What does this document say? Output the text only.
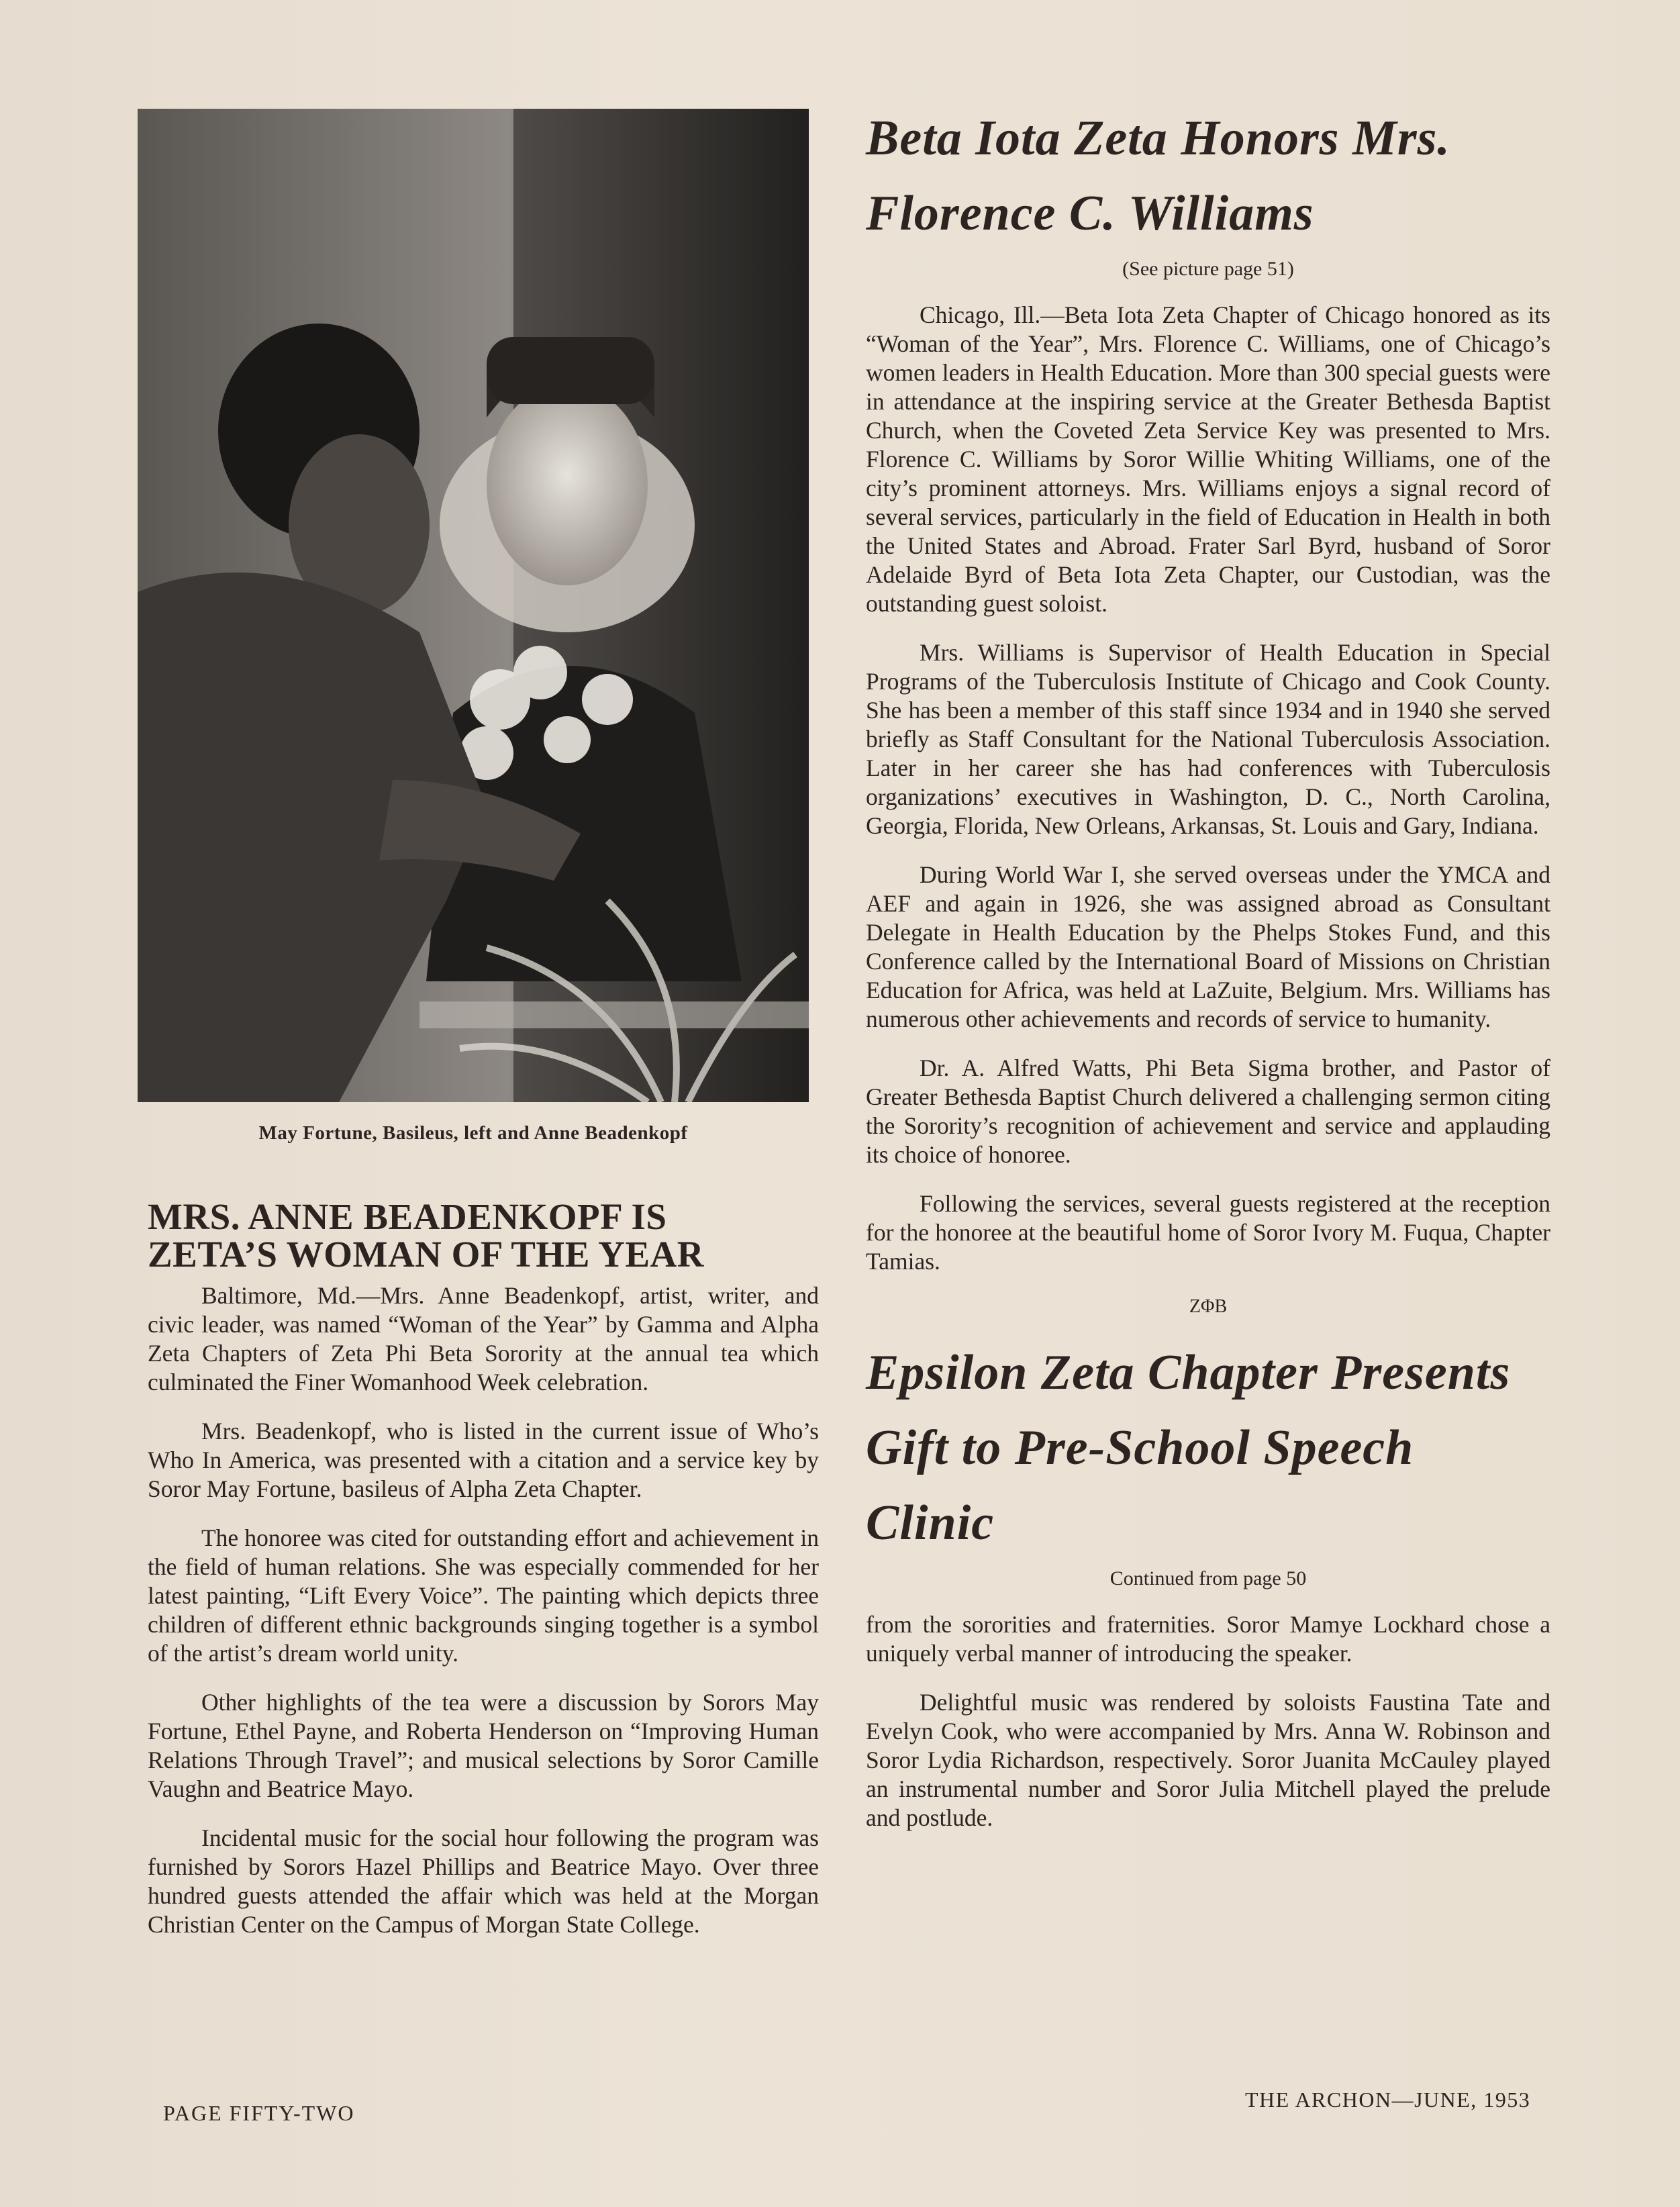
May Fortune, Basileus, left and Anne Beadenkopf
MRS. ANNE BEADENKOPF IS
ZETA’S WOMAN OF THE YEAR

Baltimore, Md.—Mrs. Anne Beadenkopf, artist, writer, and civic leader, was named “Woman of the Year” by Gamma and Alpha Zeta Chapters of Zeta Phi Beta Sorority at the annual tea which culminated the Finer Womanhood Week celebration.

Mrs. Beadenkopf, who is listed in the current issue of Who’s Who In America, was presented with a citation and a service key by Soror May Fortune, basileus of Alpha Zeta Chapter.

The honoree was cited for outstanding effort and achievement in the field of human relations. She was especially commended for her latest painting, “Lift Every Voice”. The painting which depicts three children of different ethnic backgrounds singing together is a symbol of the artist’s dream world unity.

Other highlights of the tea were a discussion by Sorors May Fortune, Ethel Payne, and Roberta Henderson on “Improving Human Relations Through Travel”; and musical selections by Soror Camille Vaughn and Beatrice Mayo.

Incidental music for the social hour following the program was furnished by Sorors Hazel Phillips and Beatrice Mayo. Over three hundred guests attended the affair which was held at the Morgan Christian Center on the Campus of Morgan State College.

Beta Iota Zeta Honors Mrs.
Florence C. Williams
(See picture page 51)

Chicago, Ill.—Beta Iota Zeta Chapter of Chicago honored as its “Woman of the Year”, Mrs. Florence C. Williams, one of Chicago’s women leaders in Health Education. More than 300 special guests were in attendance at the inspiring service at the Greater Bethesda Baptist Church, when the Coveted Zeta Service Key was presented to Mrs. Florence C. Williams by Soror Willie Whiting Williams, one of the city’s prominent attorneys. Mrs. Williams enjoys a signal record of several services, particularly in the field of Education in Health in both the United States and Abroad. Frater Sarl Byrd, husband of Soror Adelaide Byrd of Beta Iota Zeta Chapter, our Custodian, was the outstanding guest soloist.

Mrs. Williams is Supervisor of Health Education in Special Programs of the Tuberculosis Institute of Chicago and Cook County. She has been a member of this staff since 1934 and in 1940 she served briefly as Staff Consultant for the National Tuberculosis Association. Later in her career she has had conferences with Tuberculosis organizations’ executives in Washington, D. C., North Carolina, Georgia, Florida, New Orleans, Arkansas, St. Louis and Gary, Indiana.

During World War I, she served overseas under the YMCA and AEF and again in 1926, she was assigned abroad as Consultant Delegate in Health Education by the Phelps Stokes Fund, and this Conference called by the International Board of Missions on Christian Education for Africa, was held at LaZuite, Belgium. Mrs. Williams has numerous other achievements and records of service to humanity.

Dr. A. Alfred Watts, Phi Beta Sigma brother, and Pastor of Greater Bethesda Baptist Church delivered a challenging sermon citing the Sorority’s recognition of achievement and service and applauding its choice of honoree.

Following the services, several guests registered at the reception for the honoree at the beautiful home of Soror Ivory M. Fuqua, Chapter Tamias.

ZΦB
Epsilon Zeta Chapter Presents
Gift to Pre-School Speech Clinic
Continued from page 50

from the sororities and fraternities. Soror Mamye Lockhard chose a uniquely verbal manner of introducing the speaker.

Delightful music was rendered by soloists Faustina Tate and Evelyn Cook, who were accompanied by Mrs. Anna W. Robinson and Soror Lydia Richardson, respectively. Soror Juanita McCauley played an instrumental number and Soror Julia Mitchell played the prelude and postlude.

PAGE FIFTY-TWO
THE ARCHON—JUNE, 1953
